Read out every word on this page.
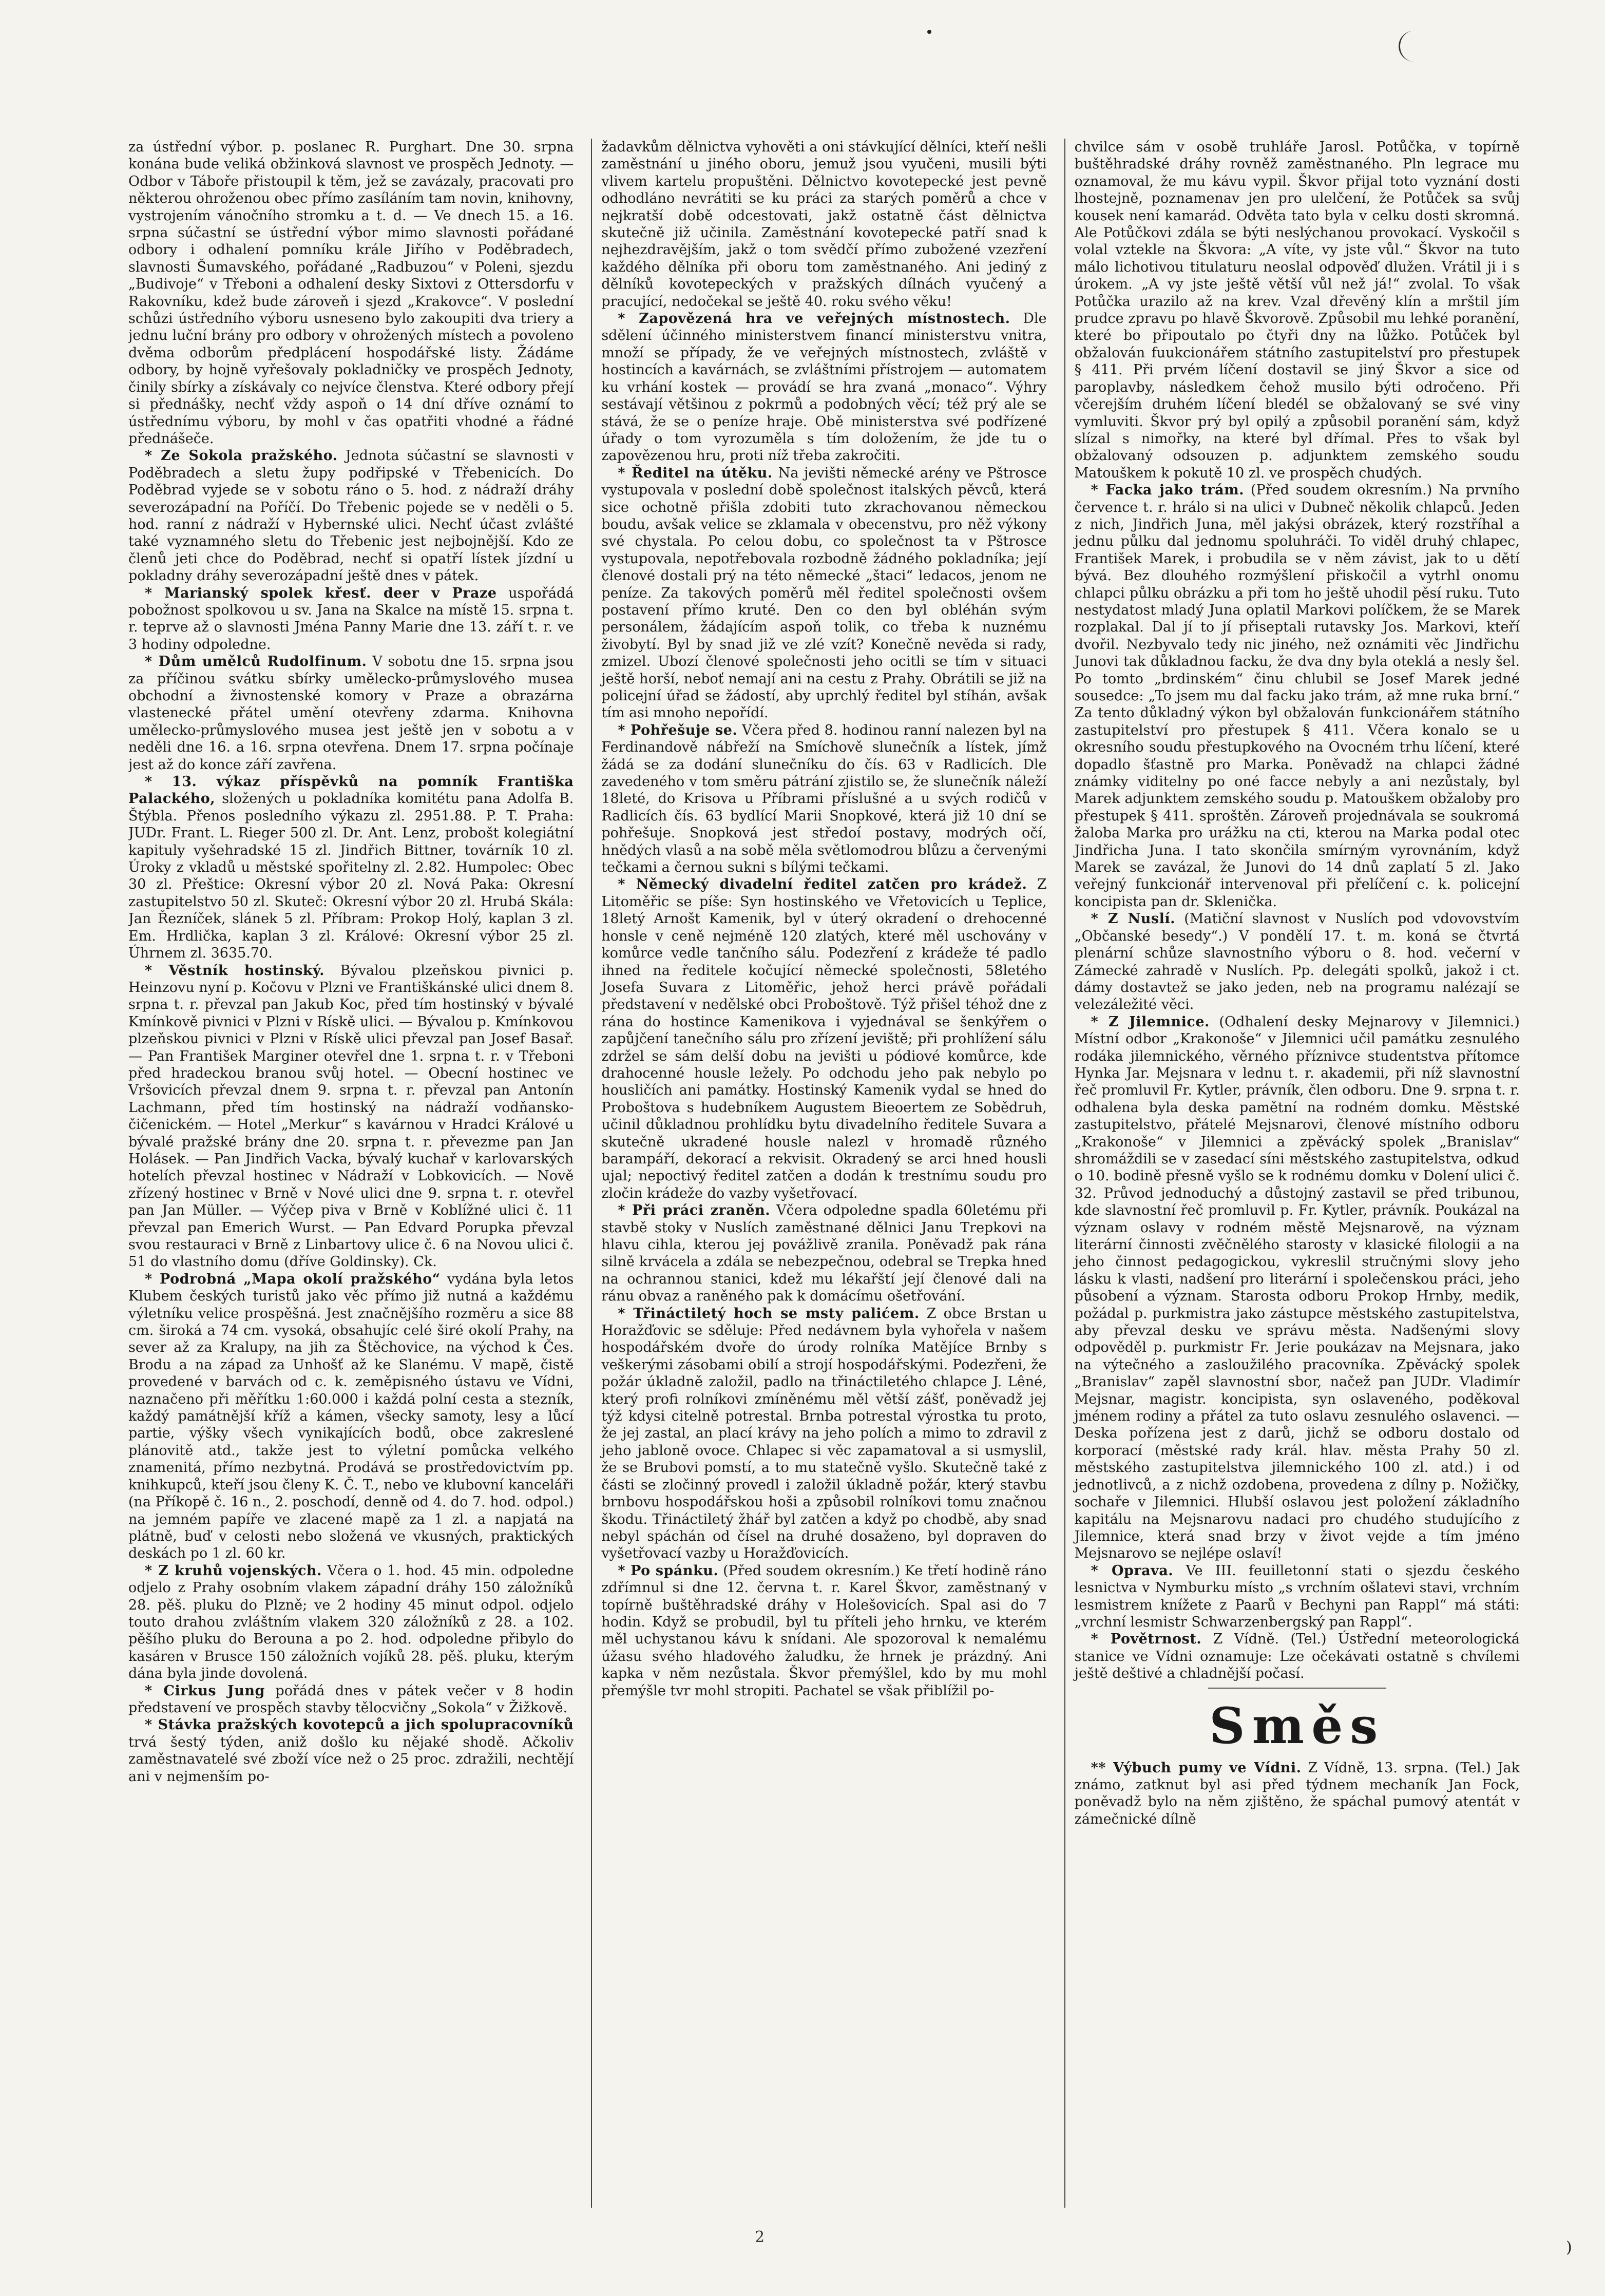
za ústřední výbor. p. poslanec R. Purghart. Dne 30. srpna konána bude veliká obžinková slavnost ve prospěch Jednoty. — Odbor v Táboře přistoupil k těm, jež se zavázaly, pracovati pro některou ohroženou obec přímo zasíláním tam novin, knihovny, vystrojením vánočního stromku a t. d. — Ve dnech 15. a 16. srpna súčastní se ústřední výbor mimo slavnosti pořádané odbory i odhalení pomníku krále Jiřího v Poděbradech, slavnosti Šumavského, pořádané „Radbuzou“ v Poleni, sjezdu „Budivoje“ v Třeboni a odhalení desky Sixtovi z Ottersdorfu v Rakovníku, kdež bude zároveň i sjezd „Krakovce“. V poslední schůzi ústředního výboru usneseno bylo zakoupiti dva triery a jednu luční brány pro odbory v ohrožených místech a povoleno dvěma odborům předplácení hospodářské listy. Žádáme odbory, by hojně vyřešovaly pokladničky ve prospěch Jednoty, činily sbírky a získávaly co nejvíce členstva. Které odbory přejí si přednášky, nechť vždy aspoň o 14 dní dříve oznámí to ústřednímu výboru, by mohl v čas opatřiti vhodné a řádné přednášeče.

* Ze Sokola pražského. Jednota súčastní se slavnosti v Poděbradech a sletu župy podřipské v Třebenicích. Do Poděbrad vyjede se v sobotu ráno o 5. hod. z nádraží dráhy severozápadní na Poříčí. Do Třebenic pojede se v neděli o 5. hod. ranní z nádraží v Hybernské ulici. Nechť účast zvlášté také vyznamného sletu do Třebenic jest nejbojnější. Kdo ze členů jeti chce do Poděbrad, nechť si opatří lístek jízdní u pokladny dráhy severozápadní ještě dnes v pátek.

* Marianský spolek křesť. deer v Praze uspořádá pobožnost spolkovou u sv. Jana na Skalce na místě 15. srpna t. r. teprve až o slavnosti Jména Panny Marie dne 13. září t. r. ve 3 hodiny odpoledne.

* Dům umělců Rudolfinum. V sobotu dne 15. srpna jsou za příčinou svátku sbírky umělecko-průmyslového musea obchodní a živnostenské komory v Praze a obrazárna vlastenecké přátel umění otevřeny zdarma. Knihovna umělecko-průmyslového musea jest ještě jen v sobotu a v neděli dne 16. a 16. srpna otevřena. Dnem 17. srpna počínaje jest až do konce září zavřena.

* 13. výkaz příspěvků na pomník Františka Palackého, složených u pokladníka komitétu pana Adolfa B. Štýbla. Přenos posledního výkazu zl. 2951.88. P. T. Praha: JUDr. Frant. L. Rieger 500 zl. Dr. Ant. Lenz, probošt kolegiátní kapituly vyšehradské 15 zl. Jindřich Bittner, továrník 10 zl. Úroky z vkladů u městské spořitelny zl. 2.82. Humpolec: Obec 30 zl. Přeštice: Okresní výbor 20 zl. Nová Paka: Okresní zastupitelstvo 50 zl. Skuteč: Okresní výbor 20 zl. Hrubá Skála: Jan Řezníček, slánek 5 zl. Příbram: Prokop Holý, kaplan 3 zl. Em. Hrdlička, kaplan 3 zl. Králové: Okresní výbor 25 zl. Úhrnem zl. 3635.70.

* Věstník hostinský. Bývalou plzeňskou pivnici p. Heinzovu nyní p. Kočovu v Plzni ve Františkánské ulici dnem 8. srpna t. r. převzal pan Jakub Koc, před tím hostinský v bývalé Kmínkově pivnici v Plzni v Rískě ulici. — Bývalou p. Kmínkovou plzeňskou pivnici v Plzni v Rískě ulici převzal pan Josef Basař. — Pan František Marginer otevřel dne 1. srpna t. r. v Třeboni před hradeckou branou svůj hotel. — Obecní hostinec ve Vršovicích převzal dnem 9. srpna t. r. převzal pan Antonín Lachmann, před tím hostinský na nádraží vodňansko-čičenickém. — Hotel „Merkur“ s kavárnou v Hradci Králové u bývalé pražské brány dne 20. srpna t. r. převezme pan Jan Holásek. — Pan Jindřich Vacka, bývalý kuchař v karlovarských hotelích převzal hostinec v Nádraží v Lobkovicích. — Nově zřízený hostinec v Brně v Nové ulici dne 9. srpna t. r. otevřel pan Jan Müller. — Výčep piva v Brně v Koblížné ulici č. 11 převzal pan Emerich Wurst. — Pan Edvard Porupka převzal svou restauraci v Brně z Linbartovy ulice č. 6 na Novou ulici č. 51 do vlastního domu (dříve Goldinsky). Ck.

* Podrobná „Mapa okolí pražského“ vydána byla letos Klubem českých turistů jako věc přímo již nutná a každému výletníku velice prospěšná. Jest značnějšího rozměru a sice 88 cm. široká a 74 cm. vysoká, obsahujíc celé širé okolí Prahy, na sever až za Kralupy, na jih za Štěchovice, na východ k Čes. Brodu a na západ za Unhošť až ke Slanému. V mapě, čistě provedené v barvách od c. k. zeměpisného ústavu ve Vídni, naznačeno při měřítku 1:60.000 i každá polní cesta a stezník, každý památnější kříž a kámen, všecky samoty, lesy a lůcí partie, výšky všech vynikajících bodů, obce zakreslené plánovitě atd., takže jest to výletní pomůcka velkého znamenitá, přímo nezbytná. Prodává se prostředovictvím pp. knihkupců, kteří jsou členy K. Č. T., nebo ve klubovní kanceláři (na Příkopě č. 16 n., 2. poschodí, denně od 4. do 7. hod. odpol.) na jemném papíře ve zlacené mapě za 1 zl. a napjatá na plátně, buď v celosti nebo složená ve vkusných, praktických deskách po 1 zl. 60 kr.

* Z kruhů vojenských. Včera o 1. hod. 45 min. odpoledne odjelo z Prahy osobním vlakem západní dráhy 150 záložníků 28. pěš. pluku do Plzně; ve 2 hodiny 45 minut odpol. odjelo touto drahou zvláštním vlakem 320 záložníků z 28. a 102. pěšího pluku do Berouna a po 2. hod. odpoledne přibylo do kasáren v Brusce 150 záložních vojíků 28. pěš. pluku, kterým dána byla jinde dovolená.

* Cirkus Jung pořádá dnes v pátek večer v 8 hodin představení ve prospěch stavby tělocvičny „Sokola“ v Žižkově.

* Stávka pražských kovotepců a jich spolupracovníků trvá šestý týden, aniž došlo ku nějaké shodě. Ačkoliv zaměstnavatelé své zboží více než o 25 proc. zdražili, nechtějí ani v nejmenším po-

žadavkům dělnictva vyhověti a oni stávkující dělníci, kteří nešli zaměstnání u jiného oboru, jemuž jsou vyučeni, musili býti vlivem kartelu propuštěni. Dělnictvo kovotepecké jest pevně odhodláno nevrátiti se ku práci za starých poměrů a chce v nejkratší době odcestovati, jakž ostatně část dělnictva skutečně již učinila. Zaměstnání kovotepecké patří snad k nejhezdravějším, jakž o tom svědčí přímo zubožené vzezření každého dělníka při oboru tom zaměstnaného. Ani jediný z dělníků kovotepeckých v pražských dílnách vyučený a pracující, nedočekal se ještě 40. roku svého věku!

* Zapovězená hra ve veřejných místnostech. Dle sdělení účinného ministerstvem financí ministerstvu vnitra, množí se případy, že ve veřejných místnostech, zvláště v hostincích a kavárnách, se zvláštními přístrojem — automatem ku vrhání kostek — provádí se hra zvaná „monaco“. Výhry sestávají většinou z pokrmů a podobných věcí; též prý ale se stává, že se o peníze hraje. Obě ministerstva své podřízené úřady o tom vyrozuměla s tím doložením, že jde tu o zapovězenou hru, proti níž třeba zakročiti.

* Ředitel na útěku. Na jevišti německé arény ve Pštrosce vystupovala v poslední době společnost italských pěvců, která sice ochotně přišla zdobiti tuto zkrachovanou německou boudu, avšak velice se zklamala v obecenstvu, pro něž výkony své chystala. Po celou dobu, co společnost ta v Pštrosce vystupovala, nepotřebovala rozbodně žádného pokladníka; její členové dostali prý na této německé „štaci“ ledacos, jenom ne peníze. Za takových poměrů měl ředitel společnosti ovšem postavení přímo kruté. Den co den byl obléhán svým personálem, žádajícím aspoň tolik, co třeba k nuznému živobytí. Byl by snad již ve zlé vzít? Konečně nevěda si rady, zmizel. Ubozí členové společnosti jeho ocitli se tím v situaci ještě horší, neboť nemají ani na cestu z Prahy. Obrátili se již na policejní úřad se žádostí, aby uprchlý ředitel byl stíhán, avšak tím asi mnoho nepořídí.

* Pohřešuje se. Včera před 8. hodinou ranní nalezen byl na Ferdinandově nábřeží na Smíchově slunečník a lístek, jímž žádá se za dodání slunečníku do čís. 63 v Radlicích. Dle zavedeného v tom směru pátrání zjistilo se, že slunečník náleží 18leté, do Krisova u Příbrami příslušné a u svých rodičů v Radlicích čís. 63 bydlící Marii Snopkové, která již 10 dní se pohřešuje. Snopková jest středoí postavy, modrých očí, hnědých vlasů a na sobě měla světlomodrou blůzu a červenými tečkami a černou sukni s bílými tečkami.

* Německý divadelní ředitel zatčen pro krádež. Z Litoměřic se píše: Syn hostinského ve Vřetovicích u Teplice, 18letý Arnošt Kamenik, byl v úterý okradení o drehocenné honsle v ceně nejméně 120 zlatých, které měl uschovány v komůrce vedle tančního sálu. Podezření z krádeže té padlo ihned na ředitele kočující německé společnosti, 58letého Josefa Suvara z Litoměřic, jehož herci právě pořádali představení v nedělské obci Proboštově. Týž přišel téhož dne z rána do hostince Kamenikova i vyjednával se šenkýřem o zapůjčení tanečního sálu pro zřízení jeviště; při prohlížení sálu zdržel se sám delší dobu na jevišti u pódiové komůrce, kde drahocenné housle ležely. Po odchodu jeho pak nebylo po housličích ani památky. Hostinský Kamenik vydal se hned do Proboštova s hudebníkem Augustem Bieoertem ze Sobědruh, učinil důkladnou prohlídku bytu divadelního ředitele Suvara a skutečně ukradené housle nalezl v hromadě různého barampáří, dekorací a rekvisit. Okradený se arci hned housli ujal; nepoctivý ředitel zatčen a dodán k trestnímu soudu pro zločin krádeže do vazby vyšetřovací.

* Při práci zraněn. Včera odpoledne spadla 60letému při stavbě stoky v Nuslích zaměstnané dělnici Janu Trepkovi na hlavu cihla, kterou jej povážlivě zranila. Poněvadž pak rána silně krvácela a zdála se nebezpečnou, odebral se Trepka hned na ochrannou stanici, kdež mu lékařští její členové dali na ránu obvaz a raněného pak k domácímu ošetřování.

* Třináctiletý hoch se msty palićem. Z obce Brstan u Horažďovic se sděluje: Před nedávnem byla vyhořela v našem hospodářském dvoře do úrody rolníka Matějíce Brnby s veškerými zásobami obilí a strojí hospodářskými. Podezřeni, že požár úkladně založil, padlo na třináctiletého chlapce J. Lêné, který profi rolníkovi zmíněnému měl větší zášť, poněvadž jej týž kdysi citelně potrestal. Brnba potrestal výrostka tu proto, že jej zastal, an plací krávy na jeho polích a mimo to zdravil z jeho jabloně ovoce. Chlapec si věc zapamatoval a si usmyslil, že se Brubovi pomstí, a to mu statečně vyšlo. Skutečně také z části se zločinný provedl i založil úkladně požár, který stavbu brnbovu hospodářskou hoši a způsobil rolníkovi tomu značnou škodu. Třináctiletý žhář byl zatčen a když po chodbě, aby snad nebyl spáchán od čísel na druhé dosaženo, byl dopraven do vyšetřovací vazby u Horažďovicích.

* Po spánku. (Před soudem okresním.) Ke třetí hodině ráno zdřímnul si dne 12. června t. r. Karel Škvor, zaměstnaný v topírně buštěhradské dráhy v Holešovicích. Spal asi do 7 hodin. Když se probudil, byl tu příteli jeho hrnku, ve kterém měl uchystanou kávu k snídani. Ale spozoroval k nemalému úžasu svého hladového žaludku, že hrnek je prázdný. Ani kapka v něm nezůstala. Škvor přemýšlel, kdo by mu mohl přemýšle tvr mohl stropiti. Pachatel se však přiblížil po-

chvilce sám v osobě truhláře Jarosl. Potůčka, v topírně buštěhradské dráhy rovněž zaměstnaného. Pln legrace mu oznamoval, že mu kávu vypil. Škvor přijal toto vyznání dosti lhostejně, poznamenav jen pro ulelčení, že Potůček sa svůj kousek není kamarád. Odvěta tato byla v celku dosti skromná. Ale Potůčkovi zdála se býti neslýchanou provokací. Vyskočil s volal vztekle na Škvora: „A víte, vy jste vůl.“ Škvor na tuto málo lichotivou titulaturu neoslal odpověď dlužen. Vrátil ji i s úrokem. „A vy jste ještě větší vůl než já!“ zvolal. To však Potůčka urazilo až na krev. Vzal dřevěný klín a mrštil jím prudce zpravu po hlavě Škvorově. Způsobil mu lehké poranění, které bo připoutalo po čtyři dny na lůžko. Potůček byl obžalován fuukcionářem státního zastupitelství pro přestupek § 411. Při prvém líčení dostavil se jiný Škvor a sice od paroplavby, následkem čehož musilo býti odročeno. Při včerejším druhém líčení bledél se obžalovaný se své viny vymluviti. Škvor prý byl opilý a způsobil poranění sám, když slízal s nimořky, na které byl dřímal. Přes to však byl obžalovaný odsouzen p. adjunktem zemského soudu Matouškem k pokutě 10 zl. ve prospěch chudých.

* Facka jako trám. (Před soudem okresním.) Na prvního července t. r. hrálo si na ulici v Dubneč několik chlapců. Jeden z nich, Jindřich Juna, měl jakýsi obrázek, který rozstříhal a jednu půlku dal jednomu spoluhráči. To viděl druhý chlapec, František Marek, i probudila se v něm závist, jak to u dětí bývá. Bez dlouhého rozmýšlení přiskočil a vytrhl onomu chlapci půlku obrázku a při tom ho ještě uhodil pěsí ruku. Tuto nestydatost mladý Juna oplatil Markovi políčkem, že se Marek rozplakal. Dal jí to jí přiseptali rutavsky Jos. Markovi, kteří dvořil. Nezbyvalo tedy nic jiného, než oznámiti věc Jindřichu Junovi tak důkladnou facku, že dva dny byla oteklá a nesly šel. Po tomto „brdinském“ činu chlubil se Josef Marek jedné sousedce: „To jsem mu dal facku jako trám, až mne ruka brní.“ Za tento důkladný výkon byl obžalován funkcionářem státního zastupitelství pro přestupek § 411. Včera konalo se u okresního soudu přestupkového na Ovocném trhu líčení, které dopadlo šťastně pro Marka. Poněvadž na chlapci žádné známky viditelny po oné facce nebyly a ani nezůstaly, byl Marek adjunktem zemského soudu p. Matouškem obžaloby pro přestupek § 411. sproštěn. Zároveň projednávala se soukromá žaloba Marka pro urážku na cti, kterou na Marka podal otec Jindřicha Juna. I tato skončila smírným vyrovnáním, když Marek se zavázal, že Junovi do 14 dnů zaplatí 5 zl. Jako veřejný funkcionář intervenoval při přelíčení c. k. policejní koncipista pan dr. Sklenička.

* Z Nuslí. (Matiční slavnost v Nuslích pod vdovovstvím „Občanské besedy“.) V pondělí 17. t. m. koná se čtvrtá plenární schůze slavnostního výboru o 8. hod. večerní v Zámecké zahradě v Nuslích. Pp. delegáti spolků, jakož i ct. dámy dostavtež se jako jeden, neb na programu nalézají se velezáležité věci.

* Z Jilemnice. (Odhalení desky Mejnarovy v Jilemnici.) Místní odbor „Krakonoše“ v Jilemnici učil památku zesnulého rodáka jilemnického, věrného příznivce studentstva přítomce Hynka Jar. Mejsnara v lednu t. r. akademii, při níž slavnostní řeč promluvil Fr. Kytler, právník, člen odboru. Dne 9. srpna t. r. odhalena byla deska pamětní na rodném domku. Městské zastupitelstvo, přátelé Mejsnarovi, členové místního odboru „Krakonoše“ v Jilemnici a zpěvácký spolek „Branislav“ shromáždili se v zasedací síni městského zastupitelstva, odkud o 10. bodině přesně vyšlo se k rodnému domku v Dolení ulici č. 32. Průvod jednoduchý a důstojný zastavil se před tribunou, kde slavnostní řeč promluvil p. Fr. Kytler, právník. Poukázal na význam oslavy v rodném městě Mejsnarově, na význam literární činnosti zvěčnělého starosty v klasické filologii a na jeho činnost pedagogickou, vykreslil stručnými slovy jeho lásku k vlasti, nadšení pro literární i společenskou práci, jeho působení a význam. Starosta odboru Prokop Hrnby, medik, požádal p. purkmistra jako zástupce městského zastupitelstva, aby převzal desku ve správu města. Nadšenými slovy odpověděl p. purkmistr Fr. Jerie poukázav na Mejsnara, jako na výtečného a zasloužilého pracovníka. Zpěvácký spolek „Branislav“ zapěl slavnostní sbor, načež pan JUDr. Vladimír Mejsnar, magistr. koncipista, syn oslaveného, poděkoval jménem rodiny a přátel za tuto oslavu zesnulého oslavenci. — Deska pořízena jest z darů, jichž se odboru dostalo od korporací (městské rady král. hlav. města Prahy 50 zl. městského zastupitelstva jilemnického 100 zl. atd.) i od jednotlivců, a z nichž ozdobena, provedena z dílny p. Nožičky, sochaře v Jilemnici. Hlubší oslavou jest položení základního kapitálu na Mejsnarovu nadaci pro chudého studujícího z Jilemnice, která snad brzy v život vejde a tím jméno Mejsnarovo se nejlépe oslaví!

* Oprava. Ve III. feuilletonní stati o sjezdu českého lesnictva v Nymburku místo „s vrchním ošlatevi stavi, vrchním lesmistrem knížete z Paarů v Bechyni pan Rappl“ má státi: „vrchní lesmistr Schwarzenbergský pan Rappl“.

* Povětrnost. Z Vídně. (Tel.) Ústřední meteorologická stanice ve Vídni oznamuje: Lze očekávati ostatně s chvílemi ještě deštivé a chladnější počasí.

Směs

** Výbuch pumy ve Vídni. Z Vídně, 13. srpna. (Tel.) Jak známo, zatknut byl asi před týdnem mechaník Jan Fock, poněvadž bylo na něm zjištěno, že spáchal pumový atentát v zámečnické dílně

2
)
